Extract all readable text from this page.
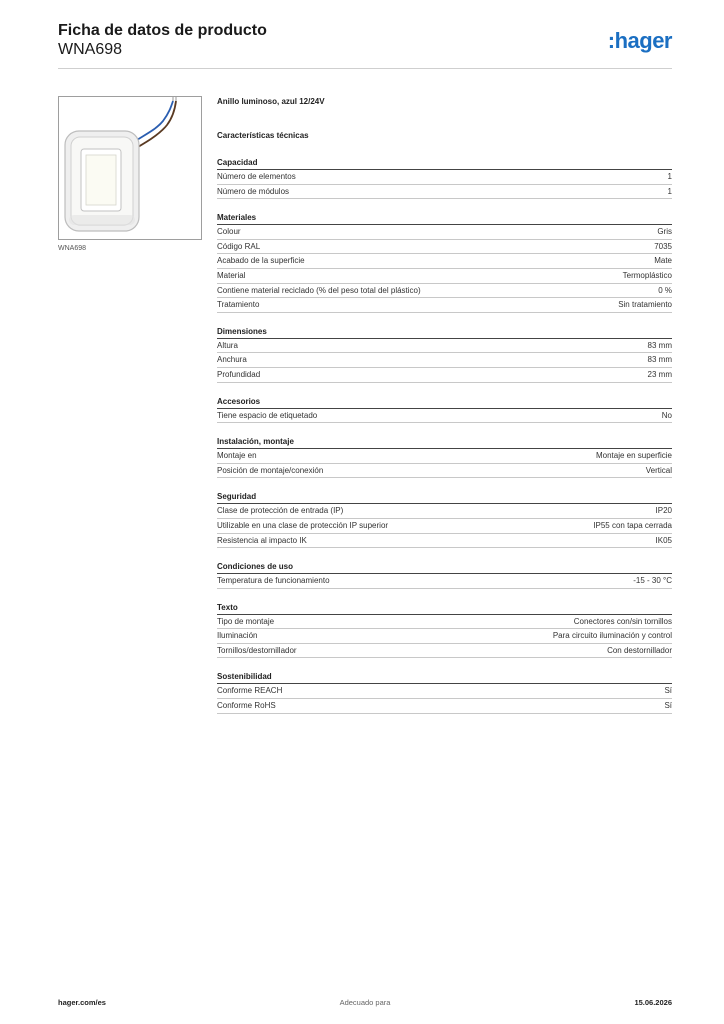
Ficha de datos de producto
WNA698	:hager
WNA698
Anillo luminoso, azul 12/24V
Características técnicas
Capacidad
Número de elementos	1
Número de módulos	1
Materiales
Colour	Gris
Código RAL	7035
Acabado de la superficie	Mate
Material	Termoplástico
Contiene material reciclado (% del peso total del plástico)	0 %
Tratamiento	Sin tratamiento
Dimensiones
Altura	83 mm
Anchura	83 mm
Profundidad	23 mm
Accesorios
Tiene espacio de etiquetado	No
Instalación, montaje
Montaje en	Montaje en superficie
Posición de montaje/conexión	Vertical
Seguridad
Clase de protección de entrada (IP)	IP20
Utilizable en una clase de protección IP superior	IP55 con tapa cerrada
Resistencia al impacto IK	IK05
Condiciones de uso
Temperatura de funcionamiento	-15 - 30 °C
Texto
Tipo de montaje	Conectores con/sin tornillos
Iluminación	Para circuito iluminación y control
Tornillos/destornillador	Con destornillador
Sostenibilidad
Conforme REACH	Sí
Conforme RoHS	Sí
hager.com/es	Adecuado para	15.06.2026
